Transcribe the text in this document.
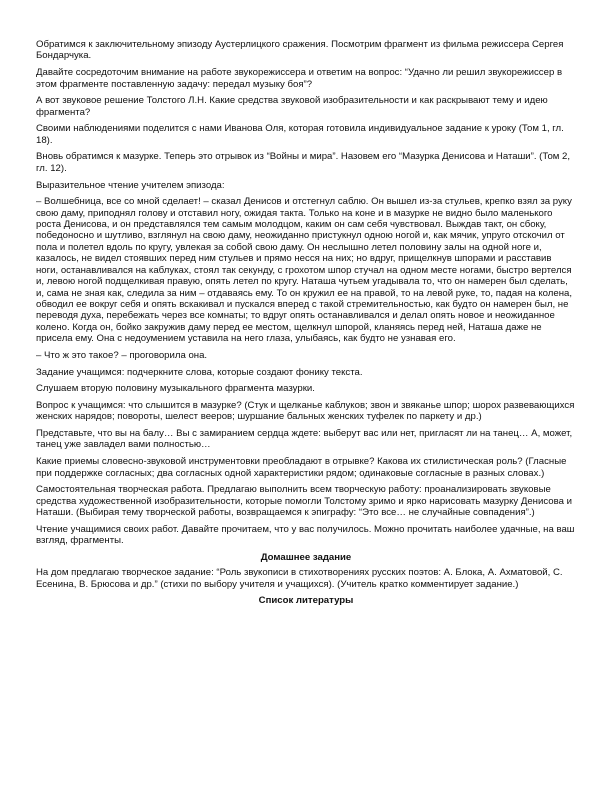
Обратимся к заключительному эпизоду Аустерлицкого сражения. Посмотрим фрагмент из фильма режиссера Сергея Бондарчука.

Давайте сосредоточим внимание на работе звукорежиссера и ответим на вопрос: “Удачно ли решил звукорежиссер в этом фрагменте поставленную задачу: передал музыку боя”?

А вот звуковое решение Толстого Л.Н. Какие средства звуковой изобразительности и как раскрывают тему и идею фрагмента?

Своими наблюдениями поделится с нами Иванова Оля, которая готовила индивидуальное задание к уроку (Том 1, гл. 18).

Вновь обратимся к мазурке. Теперь это отрывок из “Войны и мира”. Назовем его “Мазурка Денисова и Наташи”. (Том 2, гл. 12).

Выразительное чтение учителем эпизода:

– Волшебница, все со мной сделает! – сказал Денисов и отстегнул саблю. Он вышел из-за стульев, крепко взял за руку свою даму, приподнял голову и отставил ногу, ожидая такта. Только на коне и в мазурке не видно было маленького роста Денисова, и он представлялся тем самым молодцом, каким он сам себя чувствовал. Выждав такт, он сбоку, победоносно и шутливо, взглянул на свою даму, неожиданно пристукнул одною ногой и, как мячик, упруго отскочил от пола и полетел вдоль по кругу, увлекая за собой свою даму. Он неслышно летел половину залы на одной ноге и, казалось, не видел стоявших перед ним стульев и прямо несся на них; но вдруг, прищелкнув шпорами и расставив ноги, останавливался на каблуках, стоял так секунду, с грохотом шпор стучал на одном месте ногами, быстро вертелся и, левою ногой подщелкивая правую, опять летел по кругу. Наташа чутьем угадывала то, что он намерен был сделать, и, сама не зная как, следила за ним – отдаваясь ему. То он кружил ее на правой, то на левой руке, то, падая на колена, обводил ее вокруг себя и опять вскакивал и пускался вперед с такой стремительностью, как будто он намерен был, не переводя духа, перебежать через все комнаты; то вдруг опять останавливался и делал опять новое и неожиданное колено. Когда он, бойко закружив даму перед ее местом, щелкнул шпорой, кланяясь перед ней, Наташа даже не присела ему. Она с недоумением уставила на него глаза, улыбаясь, как будто не узнавая его.

– Что ж это такое? – проговорила она.

Задание учащимся: подчеркните слова, которые создают фонику текста.

Слушаем вторую половину музыкального фрагмента мазурки.

Вопрос к учащимся: что слышится в мазурке? (Стук и щелканье каблуков; звон и звяканье шпор; шорох развевающихся женских нарядов; повороты, шелест вееров; шуршание бальных женских туфелек по паркету и др.)

Представьте, что вы на балу… Вы с замиранием сердца ждете: выберут вас или нет, пригласят ли на танец… А, может, танец уже завладел вами полностью…

Какие приемы словесно-звуковой инструментовки преобладают в отрывке? Какова их стилистическая роль? (Гласные при поддержке согласных; два согласных одной характеристики рядом; одинаковые согласные в разных словах.)

Самостоятельная творческая работа. Предлагаю выполнить всем творческую работу: проанализировать звуковые средства художественной изобразительности, которые помогли Толстому зримо и ярко нарисовать мазурку Денисова и Наташи. (Выбирая тему творческой работы, возвращаемся к эпиграфу: “Это все… не случайные совпадения”.)

Чтение учащимися своих работ. Давайте прочитаем, что у вас получилось. Можно прочитать наиболее удачные, на ваш взгляд, фрагменты.

Домашнее задание

На дом предлагаю творческое задание: “Роль звукописи в стихотворениях русских поэтов: А. Блока, А. Ахматовой, С. Есенина, В. Брюсова и др.” (стихи по выбору учителя и учащихся). (Учитель кратко комментирует задание.)

Список литературы
